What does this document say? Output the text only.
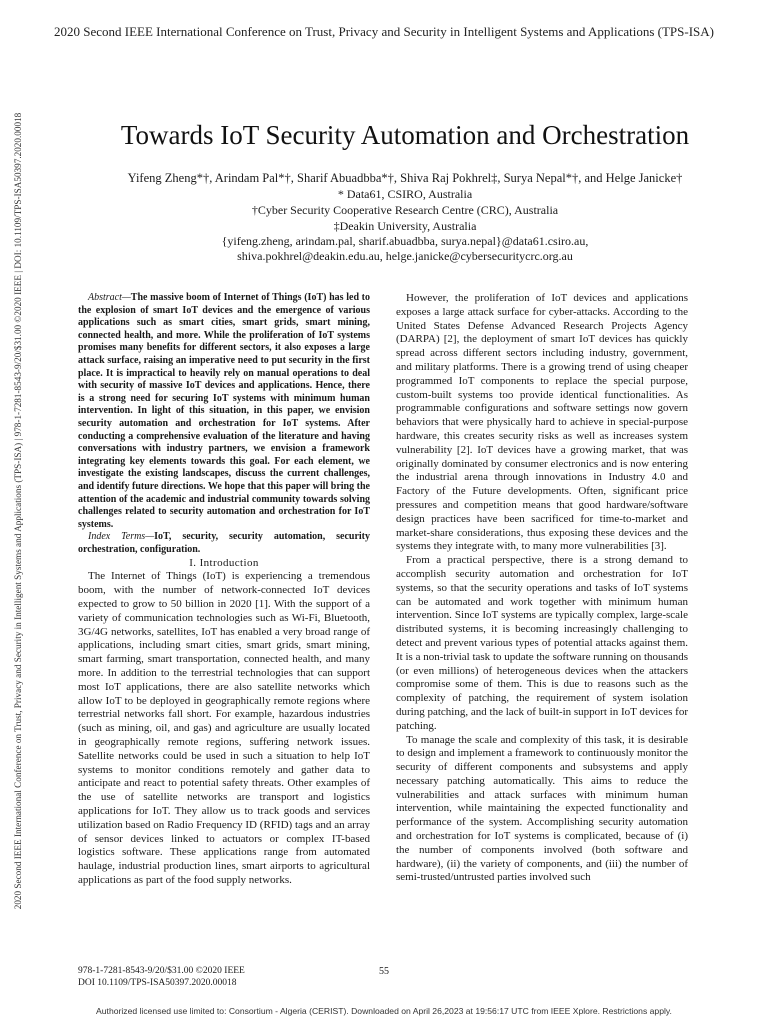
2020 Second IEEE International Conference on Trust, Privacy and Security in Intelligent Systems and Applications (TPS-ISA)
2020 Second IEEE International Conference on Trust, Privacy and Security in Intelligent Systems and Applications (TPS-ISA) | 978-1-7281-8543-9/20/$31.00 ©2020 IEEE | DOI: 10.1109/TPS-ISA50397.2020.00018	Towards IoT Security Automation and Orchestration
Yifeng Zheng*†, Arindam Pal*†, Sharif Abuadbba*†, Shiva Raj Pokhrel‡, Surya Nepal*†, and Helge Janicke†
* Data61, CSIRO, Australia
†Cyber Security Cooperative Research Centre (CRC), Australia
‡Deakin University, Australia
{yifeng.zheng, arindam.pal, sharif.abuadbba, surya.nepal}@data61.csiro.au,
shiva.pokhrel@deakin.edu.au, helge.janicke@cybersecuritycrc.org.au

Abstract—The massive boom of Internet of Things (IoT) has led to the explosion of smart IoT devices and the emergence of various applications such as smart cities, smart grids, smart mining, connected health, and more. While the proliferation of IoT systems promises many benefits for different sectors, it also exposes a large attack surface, raising an imperative need to put security in the first place. It is impractical to heavily rely on manual operations to deal with security of massive IoT devices and applications. Hence, there is a strong need for securing IoT systems with minimum human intervention. In light of this situation, in this paper, we envision security automation and orchestration for IoT systems. After conducting a comprehensive evaluation of the literature and having conversations with industry partners, we envision a framework integrating key elements towards this goal. For each element, we investigate the existing landscapes, discuss the current challenges, and identify future directions. We hope that this paper will bring the attention of the academic and industrial community towards solving challenges related to security automation and orchestration for IoT systems.

Index Terms—IoT, security, security automation, security orchestration, configuration.

I. Introduction

The Internet of Things (IoT) is experiencing a tremendous boom, with the number of network-connected IoT devices expected to grow to 50 billion in 2020 [1]. With the support of a variety of communication technologies such as Wi-Fi, Bluetooth, 3G/4G networks, satellites, IoT has enabled a very broad range of applications, including smart cities, smart grids, smart mining, smart farming, smart transportation, connected health, and many more. In addition to the terrestrial technologies that can support most IoT applications, there are also satellite networks which allow IoT to be deployed in geographically remote regions where terrestrial networks fall short. For example, hazardous industries (such as mining, oil, and gas) and agriculture are usually located in geographically remote regions, suffering network issues. Satellite networks could be used in such a situation to help IoT systems to monitor conditions remotely and gather data to anticipate and react to potential safety threats. Other examples of the use of satellite networks are transport and logistics applications for IoT. They allow us to track goods and services utilization based on Radio Frequency ID (RFID) tags and an array of sensor devices linked to actuators or complex IT-based logistics software. These applications range from automated haulage, industrial production lines, smart airports to agricultural applications as part of the food supply networks.

However, the proliferation of IoT devices and applications exposes a large attack surface for cyber-attacks. According to the United States Defense Advanced Research Projects Agency (DARPA) [2], the deployment of smart IoT devices has quickly spread across different sectors including industry, government, and military platforms. There is a growing trend of using cheaper programmed IoT components to replace the special purpose, custom-built systems too provide identical functionalities. As programmable configurations and software settings now govern behaviors that were physically hard to achieve in special-purpose hardware, this creates security risks as well as increases system vulnerability [2]. IoT devices have a growing market, that was originally dominated by consumer electronics and is now entering the industrial arena through innovations in Industry 4.0 and Factory of the Future developments. Often, significant price pressures and competition means that good hardware/software design practices have been sacrificed for time-to-market and market-share considerations, thus exposing these devices and the systems they integrate with, to many more vulnerabilities [3].

From a practical perspective, there is a strong demand to accomplish security automation and orchestration for IoT systems, so that the security operations and tasks of IoT systems can be automated and work together with minimum human intervention. Since IoT systems are typically complex, large-scale distributed systems, it is becoming increasingly challenging to detect and prevent various types of potential attacks against them. It is a non-trivial task to update the software running on thousands (or even millions) of heterogeneous devices when the attackers compromise some of them. This is due to reasons such as the complexity of patching, the requirement of system isolation during patching, and the lack of built-in support in IoT devices for patching.

To manage the scale and complexity of this task, it is desirable to design and implement a framework to continuously monitor the security of different components and subsystems and apply necessary patching automatically. This aims to reduce the vulnerabilities and attack surfaces with minimum human intervention, while maintaining the expected functionality and performance of the system. Accomplishing security automation and orchestration for IoT systems is complicated, because of (i) the number of components involved (both software and hardware), (ii) the variety of components, and (iii) the number of semi-trusted/untrusted parties involved such

978-1-7281-8543-9/20/$31.00 ©2020 IEEE
DOI 10.1109/TPS-ISA50397.2020.00018
55
Authorized licensed use limited to: Consortium - Algeria (CERIST). Downloaded on April 26,2023 at 19:56:17 UTC from IEEE Xplore. Restrictions apply.
